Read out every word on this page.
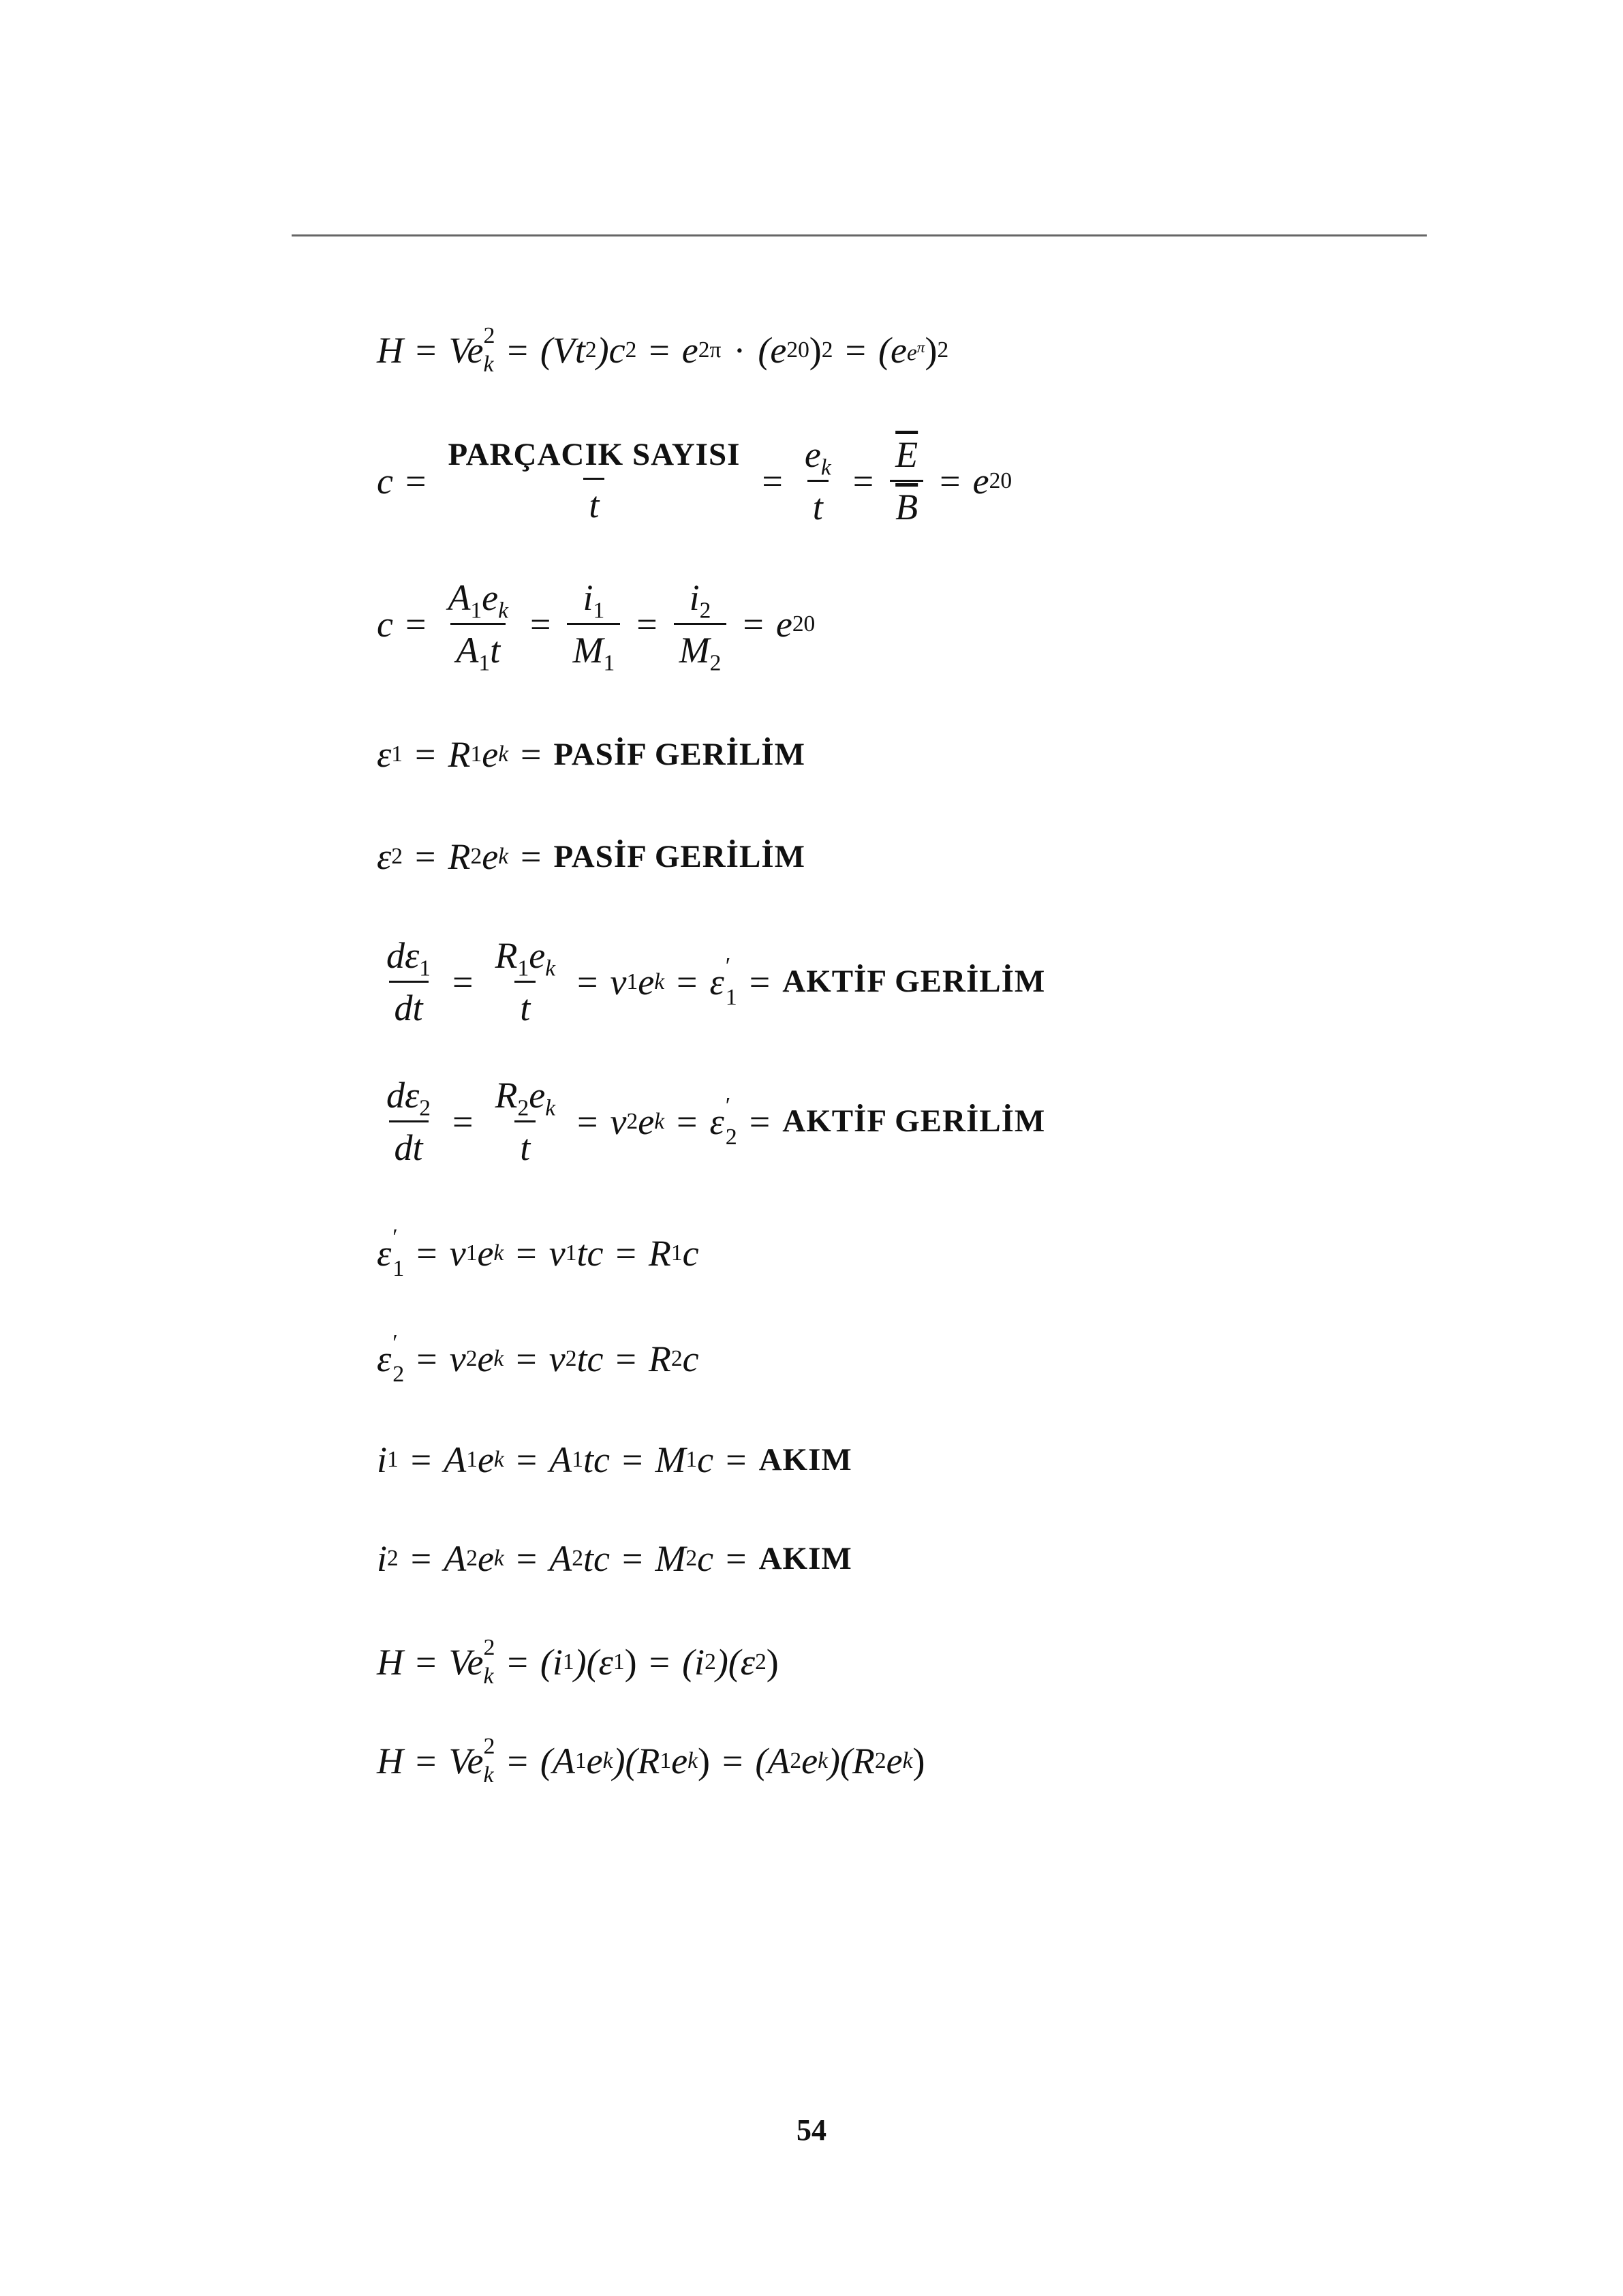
H = Ve 2
k = (Vt 2 )c 2 = e 2π · (e 20 ) 2 = (e $e^\pi$ ) 2
c =
PARÇACIK SAYISI
t
= $\frac{e_k}{t} = \frac{\overline{E}}{B} = e$ 20
$c = \frac{A_1e_k}{A_1t} = \frac{i_1}{M_1} = \frac{i_2}{M_2} = e$ 20
ε 1 = R 1 e k = PASİF GERİLİM
ε 2 = R 2 e k = PASİF GERİLİM
$\frac{d\varepsilon_1}{dt} = \frac{R_1e_k}{t} = v$ 1 e k = ε ′
1 = AKTİF GERİLİM
$\frac{d\varepsilon_2}{dt} = \frac{R_2e_k}{t} = v$ 2 e k = ε ′
2 = AKTİF GERİLİM
ε ′
1 = v 1 e k = v 1 tc = R 1 c
ε ′
2 = v 2 e k = v 2 tc = R 2 c
i 1 = A 1 e k = A 1 tc = M 1 c = AKIM
i 2 = A 2 e k = A 2 tc = M 2 c = AKIM
H = Ve 2
k = (i 1 )(ε 1 ) = (i 2 )(ε 2 )
H = Ve 2
k = (A 1 e k )(R 1 e k ) = (A 2 e k )(R 2 e k )
54
